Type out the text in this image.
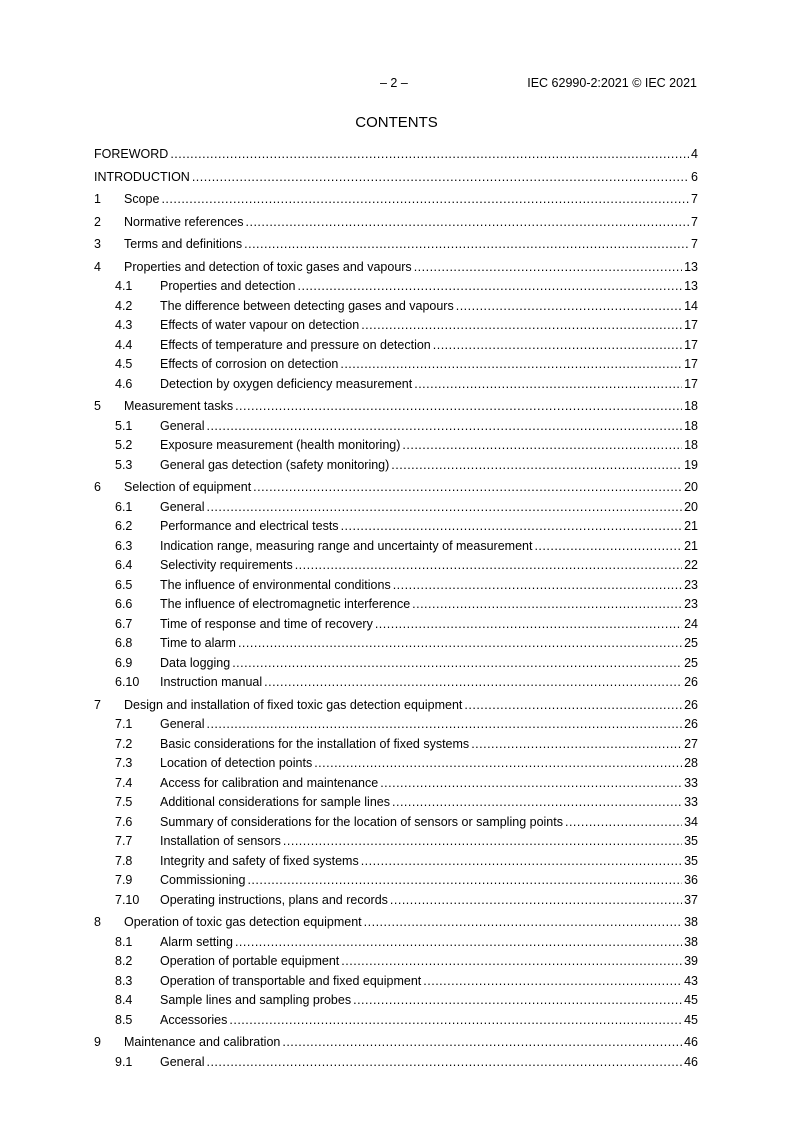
– 2 –	IEC 62990-2:2021 © IEC 2021
CONTENTS
FOREWORD .....	4
INTRODUCTION .....	6
1	Scope .....	7
2	Normative references .....	7
3	Terms and definitions .....	7
4	Properties and detection of toxic gases and vapours .....	13
4.1	Properties and detection .....	13
4.2	The difference between detecting gases and vapours .....	14
4.3	Effects of water vapour on detection .....	17
4.4	Effects of temperature and pressure on detection .....	17
4.5	Effects of corrosion on detection .....	17
4.6	Detection by oxygen deficiency measurement .....	17
5	Measurement tasks .....	18
5.1	General .....	18
5.2	Exposure measurement (health monitoring) .....	18
5.3	General gas detection (safety monitoring) .....	19
6	Selection of equipment .....	20
6.1	General .....	20
6.2	Performance and electrical tests .....	21
6.3	Indication range, measuring range and uncertainty of measurement .....	21
6.4	Selectivity requirements .....	22
6.5	The influence of environmental conditions .....	23
6.6	The influence of electromagnetic interference .....	23
6.7	Time of response and time of recovery .....	24
6.8	Time to alarm .....	25
6.9	Data logging .....	25
6.10	Instruction manual .....	26
7	Design and installation of fixed toxic gas detection equipment .....	26
7.1	General .....	26
7.2	Basic considerations for the installation of fixed systems .....	27
7.3	Location of detection points .....	28
7.4	Access for calibration and maintenance .....	33
7.5	Additional considerations for sample lines .....	33
7.6	Summary of considerations for the location of sensors or sampling points .....	34
7.7	Installation of sensors .....	35
7.8	Integrity and safety of fixed systems .....	35
7.9	Commissioning .....	36
7.10	Operating instructions, plans and records .....	37
8	Operation of toxic gas detection equipment .....	38
8.1	Alarm setting .....	38
8.2	Operation of portable equipment .....	39
8.3	Operation of transportable and fixed equipment .....	43
8.4	Sample lines and sampling probes .....	45
8.5	Accessories .....	45
9	Maintenance and calibration .....	46
9.1	General .....	46
